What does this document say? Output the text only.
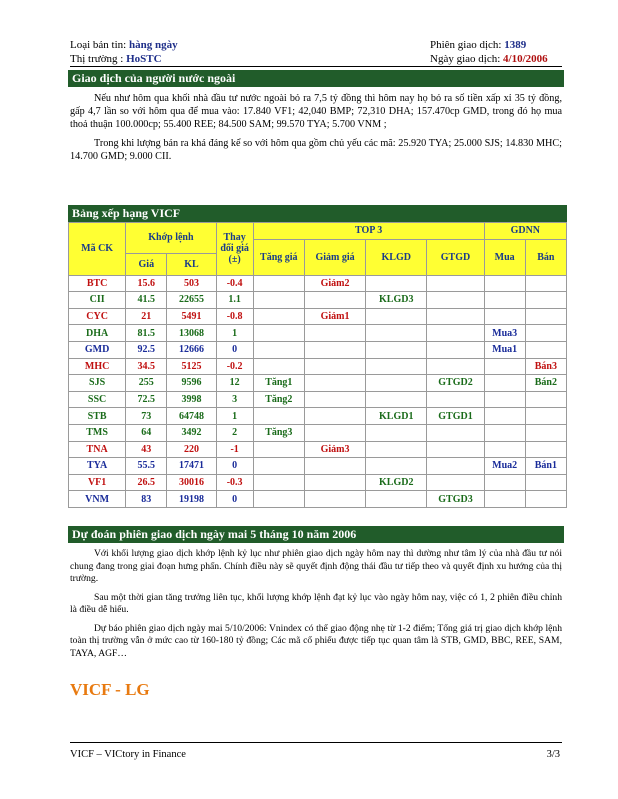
Loại bản tin: hàng ngày	Phiên giao dịch: 1389
Thị trường : HoSTC	Ngày giao dịch: 4/10/2006
Giao dịch của người nước ngoài

Nếu như hôm qua khối nhà đầu tư nước ngoài bỏ ra 7,5 tỷ đồng thì hôm nay họ bỏ ra số tiền xấp xỉ 35 tỷ đồng, gấp 4,7 lần so với hôm qua để mua vào: 17.840 VF1; 42,040 BMP; 72,310 DHA; 157.470cp GMD, trong đó họ mua thoả thuận 100.000cp; 55.400 REE; 84.500 SAM; 99.570 TYA; 5.700 VNM ;

Trong khi lượng bán ra khá đáng kể so với hôm qua gồm chủ yếu các mã: 25.920 TYA; 25.000 SJS; 14.830 MHC; 14.700 GMD; 9.000 CII.

Bảng xếp hạng VICF
Mã CK	Khớp lệnh		Thay đổi giá (±)	TOP 3				GDNN	
				Tăng giá	Giảm giá	KLGD	GTGD	Mua	Bán
	Giá	KL							
BTC	15.6	503	-0.4		Giảm2				
CII	41.5	22655	1.1			KLGD3			
CYC	21	5491	-0.8		Giảm1				
DHA	81.5	13068	1					Mua3	
GMD	92.5	12666	0					Mua1	
MHC	34.5	5125	-0.2						Bán3
SJS	255	9596	12	Tăng1			GTGD2		Bán2
SSC	72.5	3998	3	Tăng2					
STB	73	64748	1			KLGD1	GTGD1		
TMS	64	3492	2	Tăng3					
TNA	43	220	-1		Giảm3				
TYA	55.5	17471	0					Mua2	Bán1
VF1	26.5	30016	-0.3			KLGD2			
VNM	83	19198	0				GTGD3		
Dự đoán phiên giao dịch ngày mai 5 tháng 10 năm 2006

Với khối lượng giao dịch khớp lệnh kỷ lục như phiên giao dịch ngày hôm nay thì dường như tâm lý của nhà đầu tư nói chung đang trong giai đoạn hưng phấn. Chính điều này sẽ quyết định động thái đầu tư tiếp theo và quyết định xu hướng của thị trường.

Sau một thời gian tăng trưởng liên tục, khối lượng khớp lệnh đạt kỷ lục vào ngày hôm nay, việc có 1, 2 phiên điều chỉnh là điều dễ hiểu.

Dự báo phiên giao dịch ngày mai 5/10/2006: Vnindex có thể giao động nhẹ từ 1-2 điểm; Tổng giá trị giao dịch khớp lệnh toàn thị trường vẫn ở mức cao từ 160-180 tỷ đồng; Các mã cổ phiếu được tiếp tục quan tâm là STB, GMD, BBC, REE, SAM, TAYA, AGF…

VICF - LG
VICF – VICtory in Finance	3/3
